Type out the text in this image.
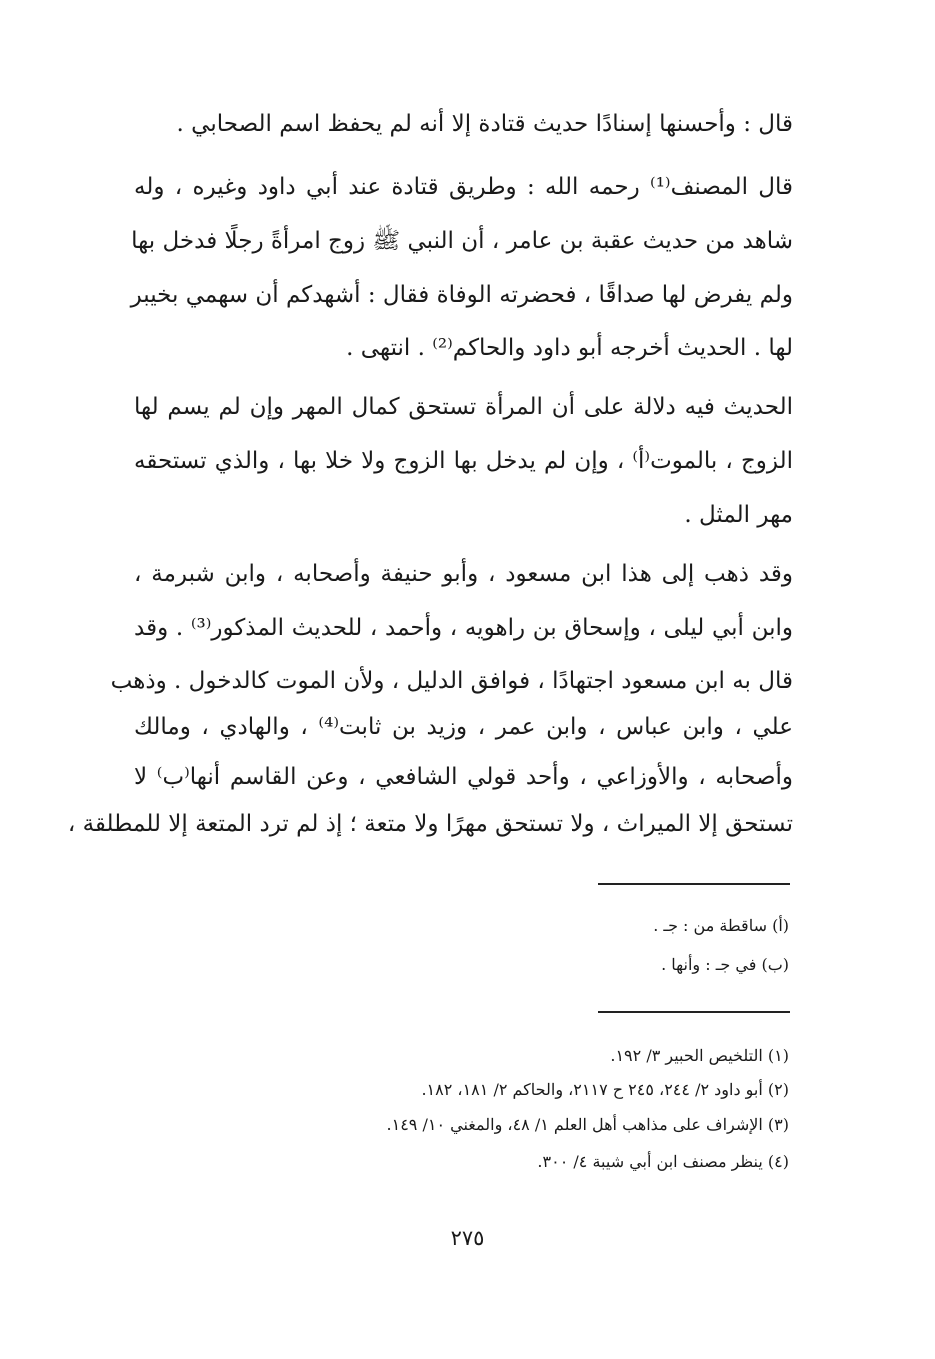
قال : وأحسنها إسنادًا حديث قتادة إلا أنه لم يحفظ اسم الصحابي .
قال المصنف⁽¹⁾ رحمه الله : وطريق قتادة عند أبي داود وغيره ، وله
شاهد من حديث عقبة بن عامر ، أن النبي ﷺ زوج امرأةً رجلًا فدخل بها
ولم يفرض لها صداقًا ، فحضرته الوفاة فقال : أشهدكم أن سهمي بخيبر
لها . الحديث أخرجه أبو داود والحاكم⁽²⁾ . انتهى .
الحديث فيه دلالة على أن المرأة تستحق كمال المهر وإن لم يسم لها
الزوج ، بالموت⁽أ⁾ ، وإن لم يدخل بها الزوج ولا خلا بها ، والذي تستحقه
مهر المثل .
وقد ذهب إلى هذا ابن مسعود ، وأبو حنيفة وأصحابه ، وابن شبرمة ،
وابن أبي ليلى ، وإسحاق بن راهويه ، وأحمد ، للحديث المذكور⁽³⁾ . وقد
قال به ابن مسعود اجتهادًا ، فوافق الدليل ، ولأن الموت كالدخول . وذهب
علي ، وابن عباس ، وابن عمر ، وزيد بن ثابت⁽⁴⁾ ، والهادي ، ومالك
وأصحابه ، والأوزاعي ، وأحد قولي الشافعي ، وعن القاسم أنها⁽ب⁾ لا
تستحق إلا الميراث ، ولا تستحق مهرًا ولا متعة ؛ إذ لم ترد المتعة إلا للمطلقة ،
(أ) ساقطة من : جـ .
(ب) في جـ : وأنها .
(١) التلخيص الحبير ٣/ ١٩٢.
(٢) أبو داود ٢/ ٢٤٤، ٢٤٥ ح ٢١١٧، والحاكم ٢/ ١٨١، ١٨٢.
(٣) الإشراف على مذاهب أهل العلم ١/ ٤٨، والمغني ١٠/ ١٤٩.
(٤) ينظر مصنف ابن أبي شيبة ٤/ ٣٠٠.
٢٧٥
